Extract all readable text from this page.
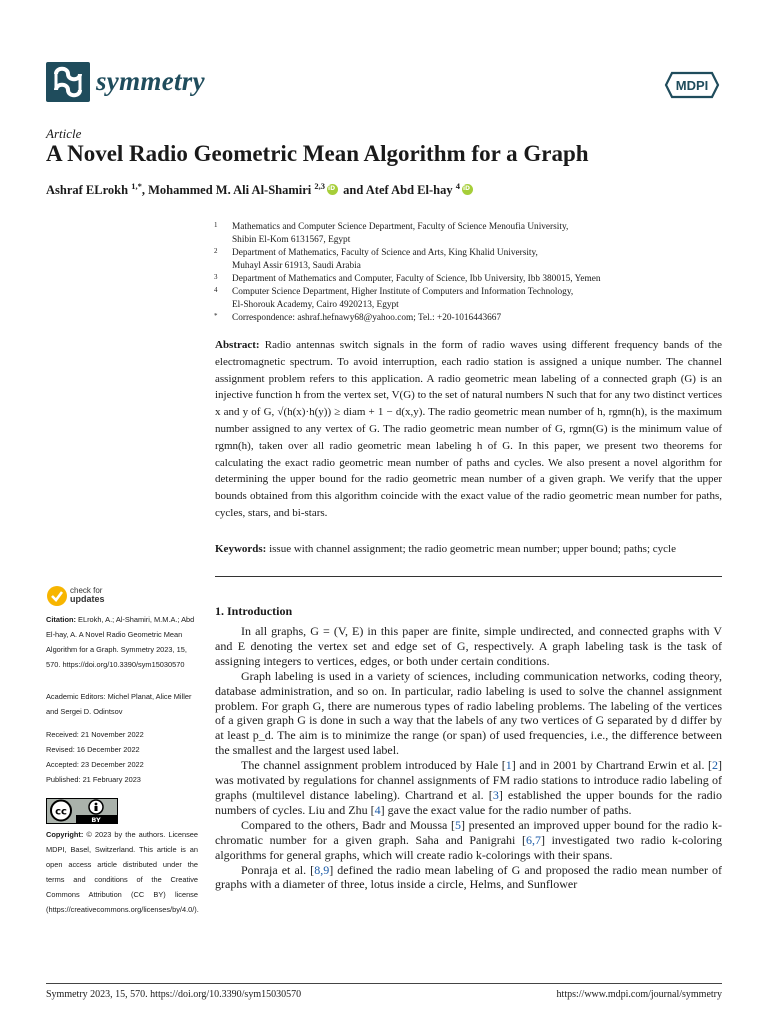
symmetry	MDPI
Article
A Novel Radio Geometric Mean Algorithm for a Graph
Ashraf ELrokh $^{1,*}$, Mohammed M. Ali Al-Shamiri $^{2,3}$iD and Atef Abd El-hay $^4$iD
1 Mathematics and Computer Science Department, Faculty of Science Menoufia University,
Shibin El-Kom 6131567, Egypt
2 Department of Mathematics, Faculty of Science and Arts, King Khalid University,
Muhayl Assir 61913, Saudi Arabia
3 Department of Mathematics and Computer, Faculty of Science, Ibb University, Ibb 380015, Yemen
4 Computer Science Department, Higher Institute of Computers and Information Technology,
El-Shorouk Academy, Cairo 4920213, Egypt
* Correspondence: ashraf.hefnawy68@yahoo.com; Tel.: +20-1016443667
Abstract: Radio antennas switch signals in the form of radio waves using different frequency bands of the electromagnetic spectrum. To avoid interruption, each radio station is assigned a unique number. The channel assignment problem refers to this application. A radio geometric mean labeling of a connected graph (G) is an injective function h from the vertex set, V(G) to the set of natural numbers N such that for any two distinct vertices x and y of G, √(h(x)·h(y)) ≥ diam + 1 − d(x,y). The radio geometric mean number of h, rgmn(h), is the maximum number assigned to any vertex of G. The radio geometric mean number of G, rgmn(G) is the minimum value of rgmn(h), taken over all radio geometric mean labeling h of G. In this paper, we present two theorems for calculating the exact radio geometric mean number of paths and cycles. We also present a novel algorithm for determining the upper bound for the radio geometric mean number of a given graph. We verify that the upper bounds obtained from this algorithm coincide with the exact value of the radio geometric mean number for paths, cycles, stars, and bi-stars.
Keywords: issue with channel assignment; the radio geometric mean number; upper bound; paths; cycle
check for
updates
Citation: ELrokh, A.; Al-Shamiri, M.M.A.; Abd El-hay, A. A Novel Radio Geometric Mean Algorithm for a Graph. Symmetry 2023, 15, 570. https://doi.org/10.3390/sym15030570
Academic Editors: Michel Planat, Alice Miller and Sergei D. Odintsov
Received: 21 November 2022
Revised: 16 December 2022
Accepted: 23 December 2022
Published: 21 February 2023
cc
BY
Copyright: © 2023 by the authors. Licensee MDPI, Basel, Switzerland. This article is an open access article distributed under the terms and conditions of the Creative Commons Attribution (CC BY) license (https://creativecommons.org/licenses/by/4.0/).
1. Introduction

In all graphs, G = (V, E) in this paper are finite, simple undirected, and connected graphs with V and E denoting the vertex set and edge set of G, respectively. A graph labeling task is the task of assigning integers to vertices, edges, or both under certain conditions.

Graph labeling is used in a variety of sciences, including communication networks, coding theory, database administration, and so on. In particular, radio labeling is used to solve the channel assignment problem. For graph G, there are numerous types of radio labeling problems. The labeling of the vertices of a given graph G is done in such a way that the labels of any two vertices of G separated by d differ by at least p_d. The aim is to minimize the range (or span) of used frequencies, i.e., the difference between the smallest and the largest used label.

The channel assignment problem introduced by Hale [1] and in 2001 by Chartrand Erwin et al. [2] was motivated by regulations for channel assignments of FM radio stations to introduce radio labeling of graphs (multilevel distance labeling). Chartrand et al. [3] established the upper bounds for the radio numbers of cycles. Liu and Zhu [4] gave the exact value for the radio number of paths.

Compared to the others, Badr and Moussa [5] presented an improved upper bound for the radio k-chromatic number for a given graph. Saha and Panigrahi [6,7] investigated two radio k-coloring algorithms for general graphs, which will create radio k-colorings with their spans.

Ponraja et al. [8,9] defined the radio mean labeling of G and proposed the radio mean number of graphs with a diameter of three, lotus inside a circle, Helms, and Sunflower

Symmetry 2023, 15, 570. https://doi.org/10.3390/sym15030570	https://www.mdpi.com/journal/symmetry
